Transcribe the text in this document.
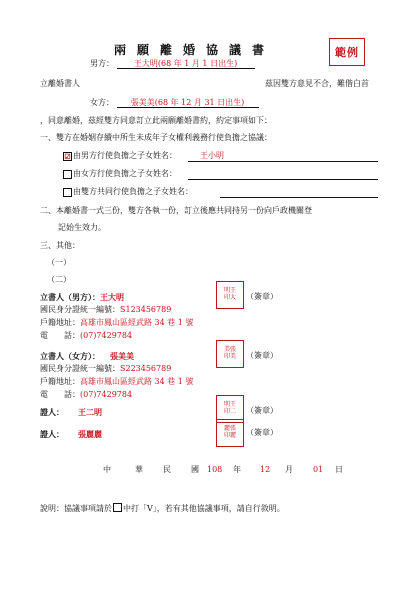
兩願離婚協議書	範例
男方： 王大明(68 年 1 月 1 日出生)
立離婚書人	茲因雙方意見不合，難偕白首
女方： 張美美(68 年 12 月 31 日出生)
，同意離婚，茲經雙方同意訂立此兩願離婚書約，約定事項如下：
一、雙方在婚姻存續中所生未成年子女權利義務行使負擔之協議：
☑ 由男方行使負擔之子女姓名：	王小明
由女方行使負擔之子女姓名：
由雙方共同行使負擔之子女姓名：
二、本離婚書一式三份，雙方各執一份，訂立後應共同持另一份向戶政機關登
記始生效力。
三、其他：
（一）
（二）
明王
印大 （簽章）
立書人（男方）：王大明
國民身分證統一編號：S123456789
戶籍地址：高雄市鳳山區經武路 34 巷 1 號
電　　話：(07)7429784
美張
印美 （簽章）
立書人（女方）： 張美美
國民身分證統一編號：S223456789
戶籍地址：高雄市鳳山區經武路 34 巷 1 號
電　　話：(07)7429784
明王
印二 （簽章）
證人： 王二明
麗張
印麗 （簽章）
證人： 張麗麗
中	華	民	國 108 年 12 月	01 日
說明：協議事項請於 中打「V」，若有其他協議事項，請自行敘明。
